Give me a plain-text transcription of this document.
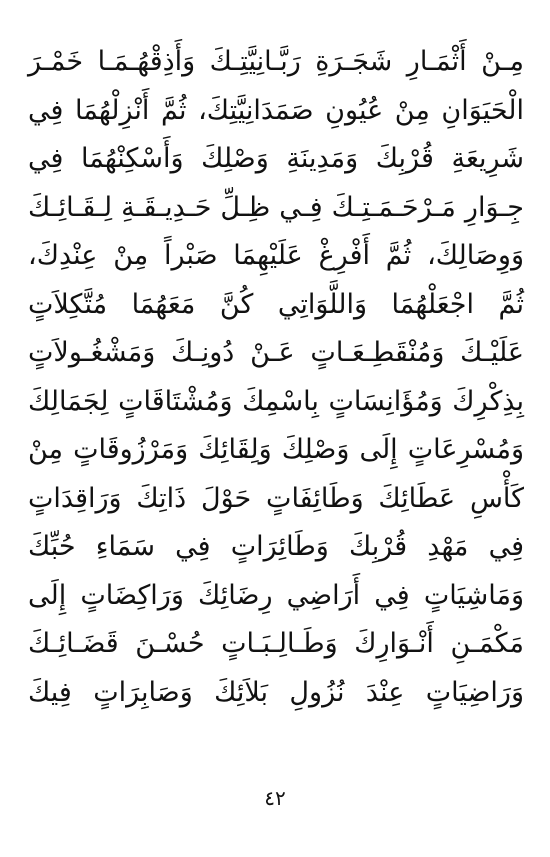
مِـنْ أَثْمَـارِ شَجَـرَةِ رَبَّـانِيَّتِـكَ وَأَذِقْهُـمَـا خَمْـرَ
الْحَيَوَانِ مِنْ عُيُونِ صَمَدَانِيَّتِكَ، ثُمَّ أَنْزِلْهُمَا فِي
شَرِيعَةِ قُرْبِكَ وَمَدِينَةِ وَصْلِكَ وَأَسْكِنْهُمَا فِي
جِـوَارِ مَـرْحَـمَـتِـكَ فِـي ظِـلِّ حَـدِيـقَـةِ لِـقَـائِـكَ
وَوِصَالِكَ، ثُمَّ أَفْرِغْ عَلَيْهِمَا صَبْراً مِنْ عِنْدِكَ،
ثُمَّ اجْعَلْهُمَا وَاللَّوَاتِي كُنَّ مَعَهُمَا مُتَّكِلاَتٍ
عَلَيْـكَ وَمُنْقَطِـعَـاتٍ عَـنْ دُونِـكَ وَمَشْغُـولاَتٍ
بِذِكْرِكَ وَمُؤَانِسَاتٍ بِاسْمِكَ وَمُشْتَاقَاتٍ لِجَمَالِكَ
وَمُسْرِعَاتٍ إِلَى وَصْلِكَ وَلِقَائِكَ وَمَرْزُوقَاتٍ مِنْ
كَأْسِ عَطَائِكَ وَطَائِفَاتٍ حَوْلَ ذَاتِكَ وَرَاقِدَاتٍ
فِي مَهْدِ قُرْبِكَ وَطَائِرَاتٍ فِي سَمَاءِ حُبِّكَ
وَمَاشِيَاتٍ فِي أَرَاضِي رِضَائِكَ وَرَاكِضَاتٍ إِلَى
مَكْمَـنِ أَنْـوَارِكَ وَطَـالِـبَـاتٍ حُسْـنَ قَضَـائِـكَ
وَرَاضِيَاتٍ عِنْدَ نُزُولِ بَلاَئِكَ وَصَابِرَاتٍ فِيكَ
٤٢
